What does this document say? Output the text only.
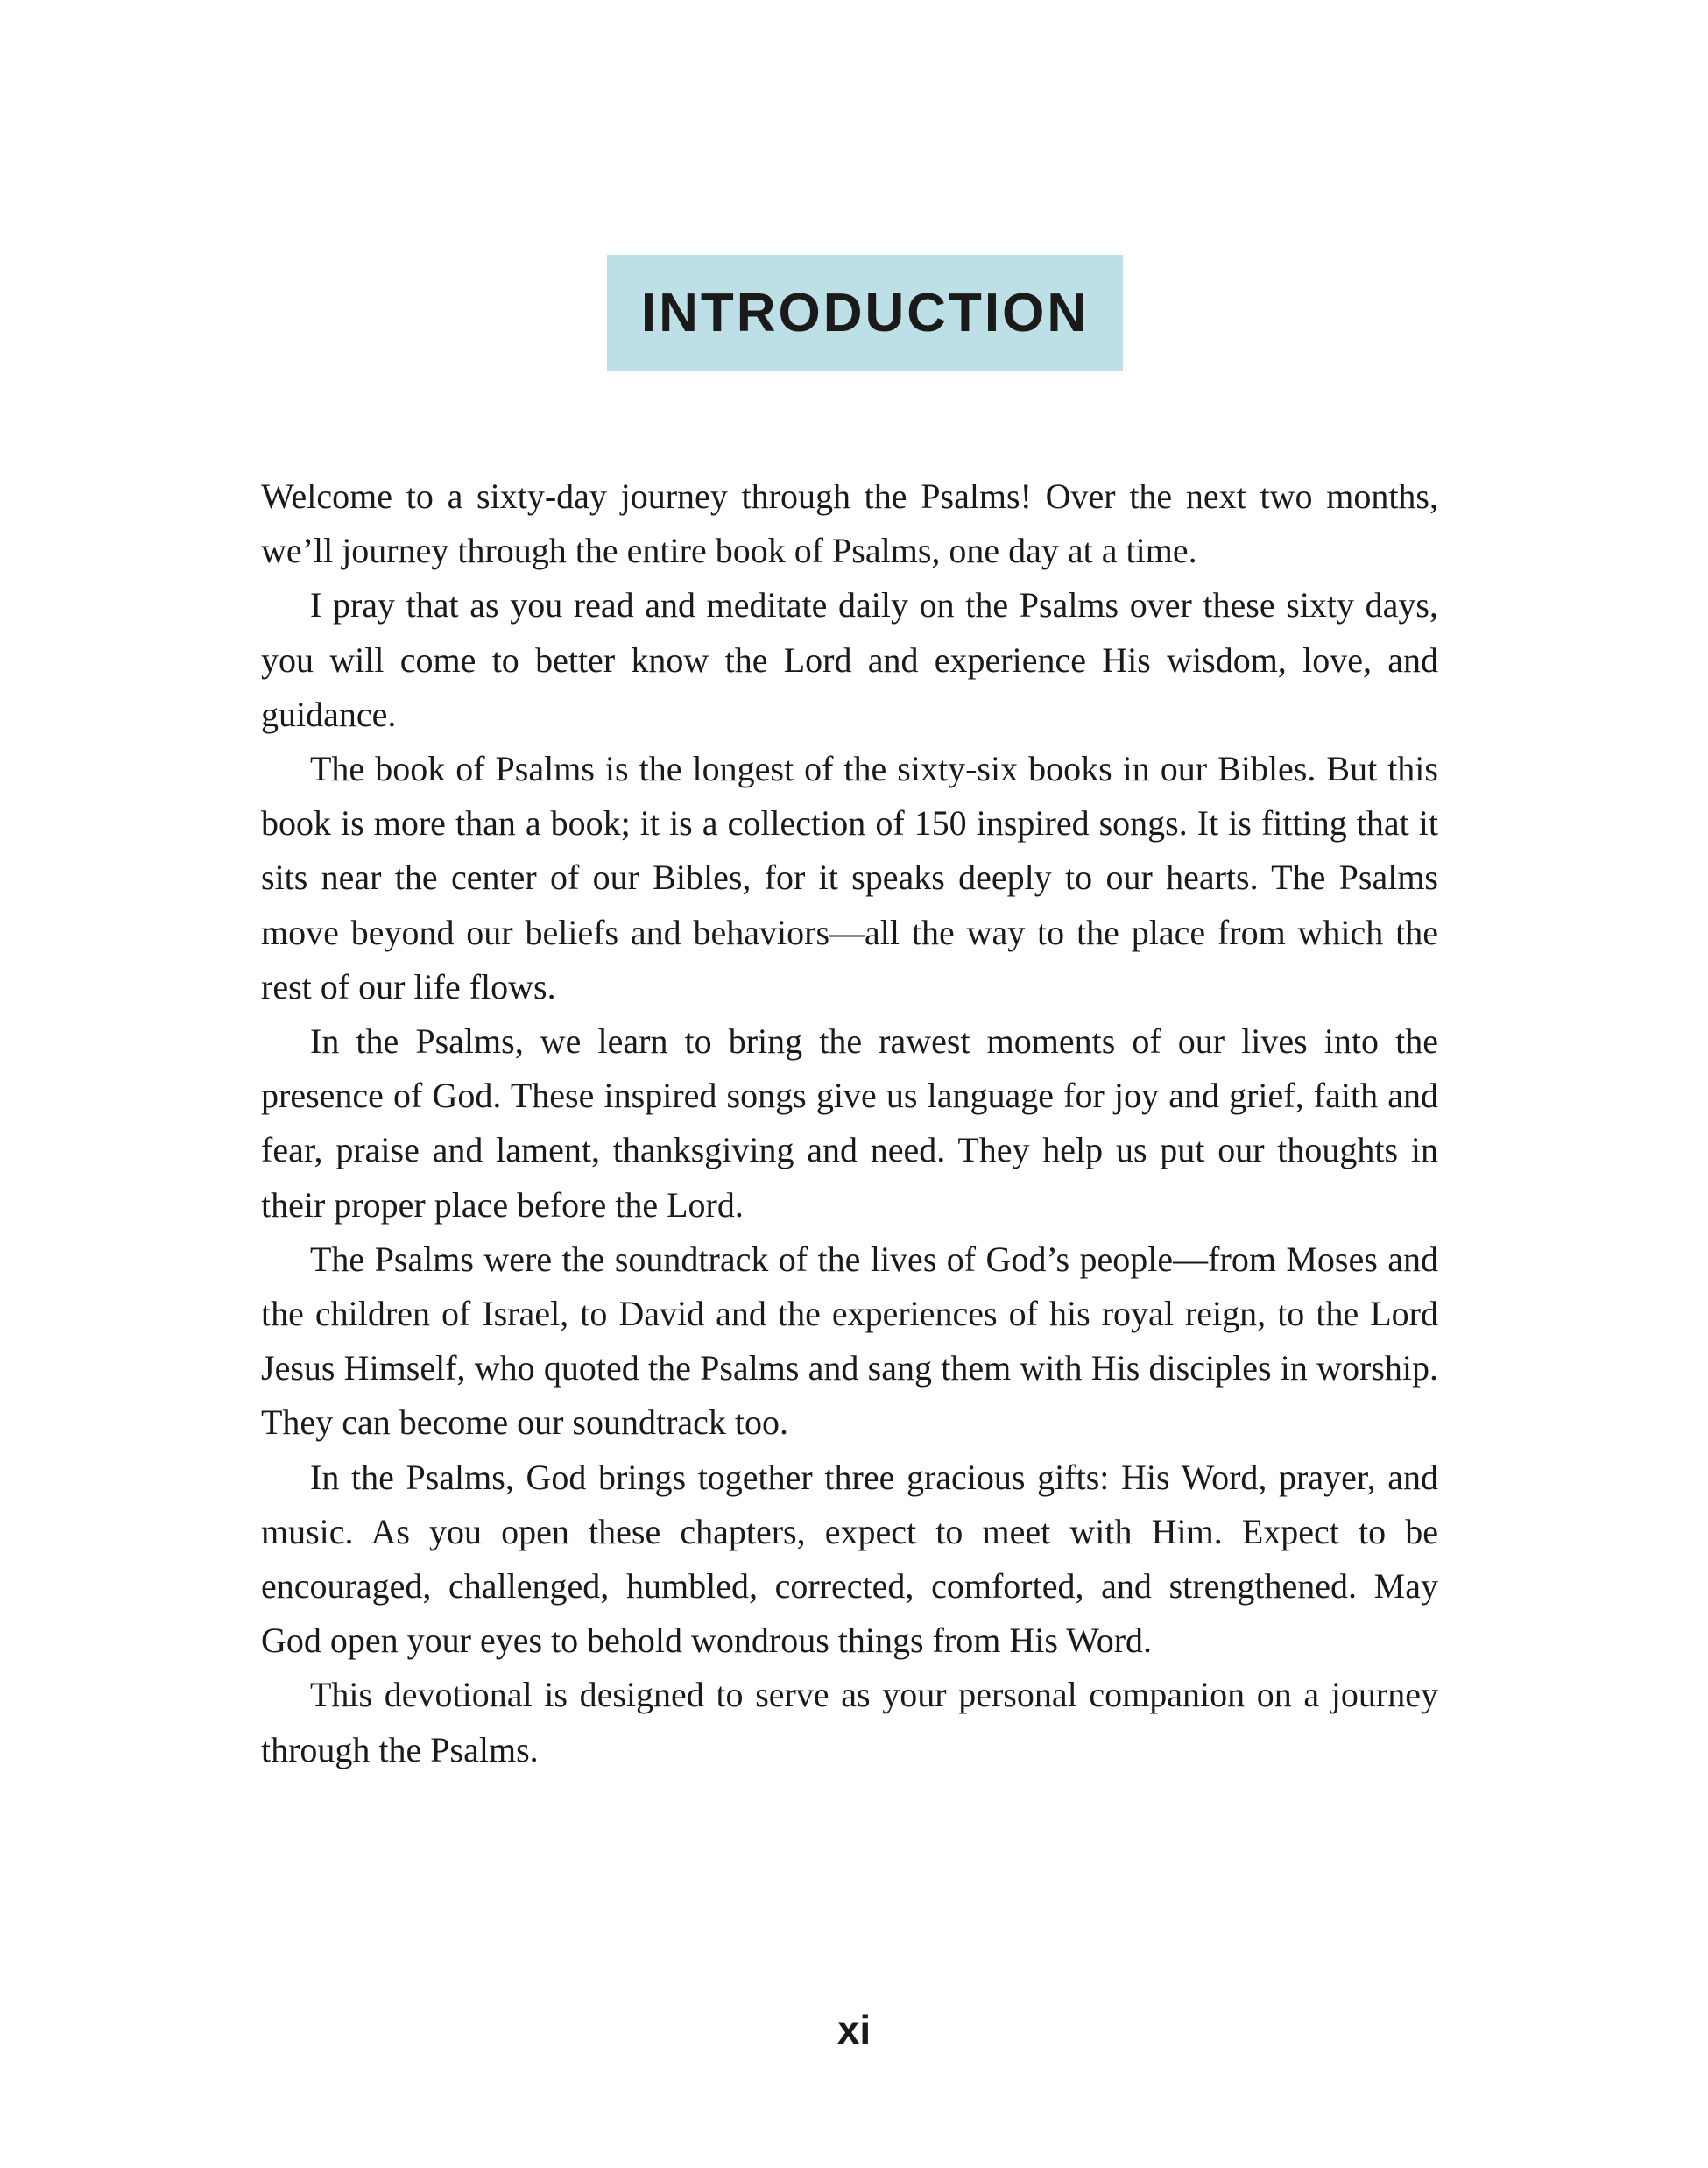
INTRODUCTION

Welcome to a sixty-day journey through the Psalms! Over the next two months, we’ll journey through the entire book of Psalms, one day at a time.

I pray that as you read and meditate daily on the Psalms over these sixty days, you will come to better know the Lord and experience His wisdom, love, and guidance.

The book of Psalms is the longest of the sixty-six books in our Bibles. But this book is more than a book; it is a collection of 150 inspired songs. It is fitting that it sits near the center of our Bibles, for it speaks deeply to our hearts. The Psalms move beyond our beliefs and behaviors—all the way to the place from which the rest of our life flows.

In the Psalms, we learn to bring the rawest moments of our lives into the presence of God. These inspired songs give us language for joy and grief, faith and fear, praise and lament, thanksgiving and need. They help us put our thoughts in their proper place before the Lord.

The Psalms were the soundtrack of the lives of God’s people—from Moses and the children of Israel, to David and the experiences of his royal reign, to the Lord Jesus Himself, who quoted the Psalms and sang them with His disciples in worship. They can become our soundtrack too.

In the Psalms, God brings together three gracious gifts: His Word, prayer, and music. As you open these chapters, expect to meet with Him. Expect to be encouraged, challenged, humbled, corrected, comforted, and strengthened. May God open your eyes to behold wondrous things from His Word.

This devotional is designed to serve as your personal companion on a journey through the Psalms.

xi
